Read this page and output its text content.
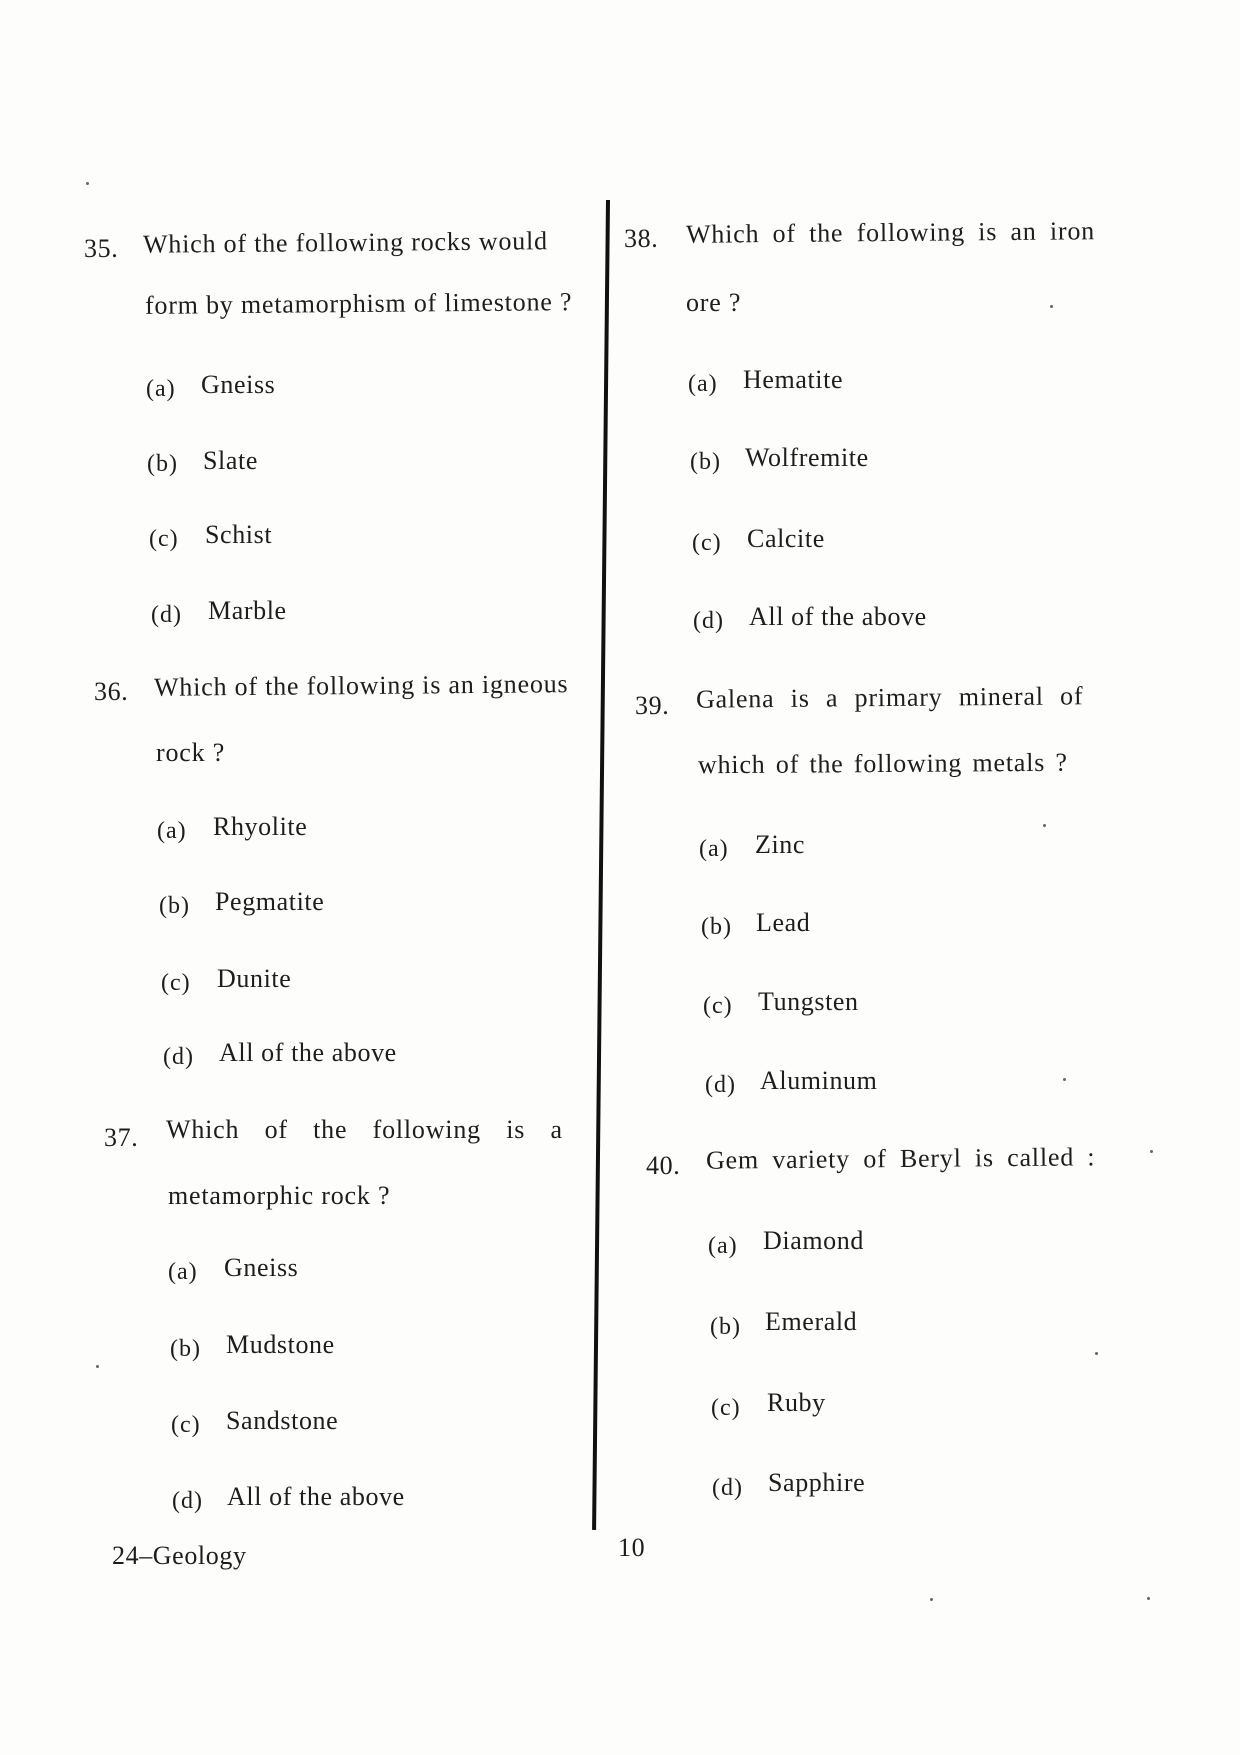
35. Which of the following rocks would
form by metamorphism of limestone ?
(a) Gneiss
(b) Slate
(c) Schist
(d) Marble
36. Which of the following is an igneous
rock ?
(a) Rhyolite
(b) Pegmatite
(c) Dunite
(d) All of the above
37. Which of the following is a
metamorphic rock ?
(a) Gneiss
(b) Mudstone
(c) Sandstone
(d) All of the above
38. Which of the following is an iron
ore ?
(a) Hematite
(b) Wolfremite
(c) Calcite
(d) All of the above
39. Galena is a primary mineral of
which of the following metals ?
(a) Zinc
(b) Lead
(c) Tungsten
(d) Aluminum
40. Gem variety of Beryl is called :
(a) Diamond
(b) Emerald
(c) Ruby
(d) Sapphire
24–Geology	10
